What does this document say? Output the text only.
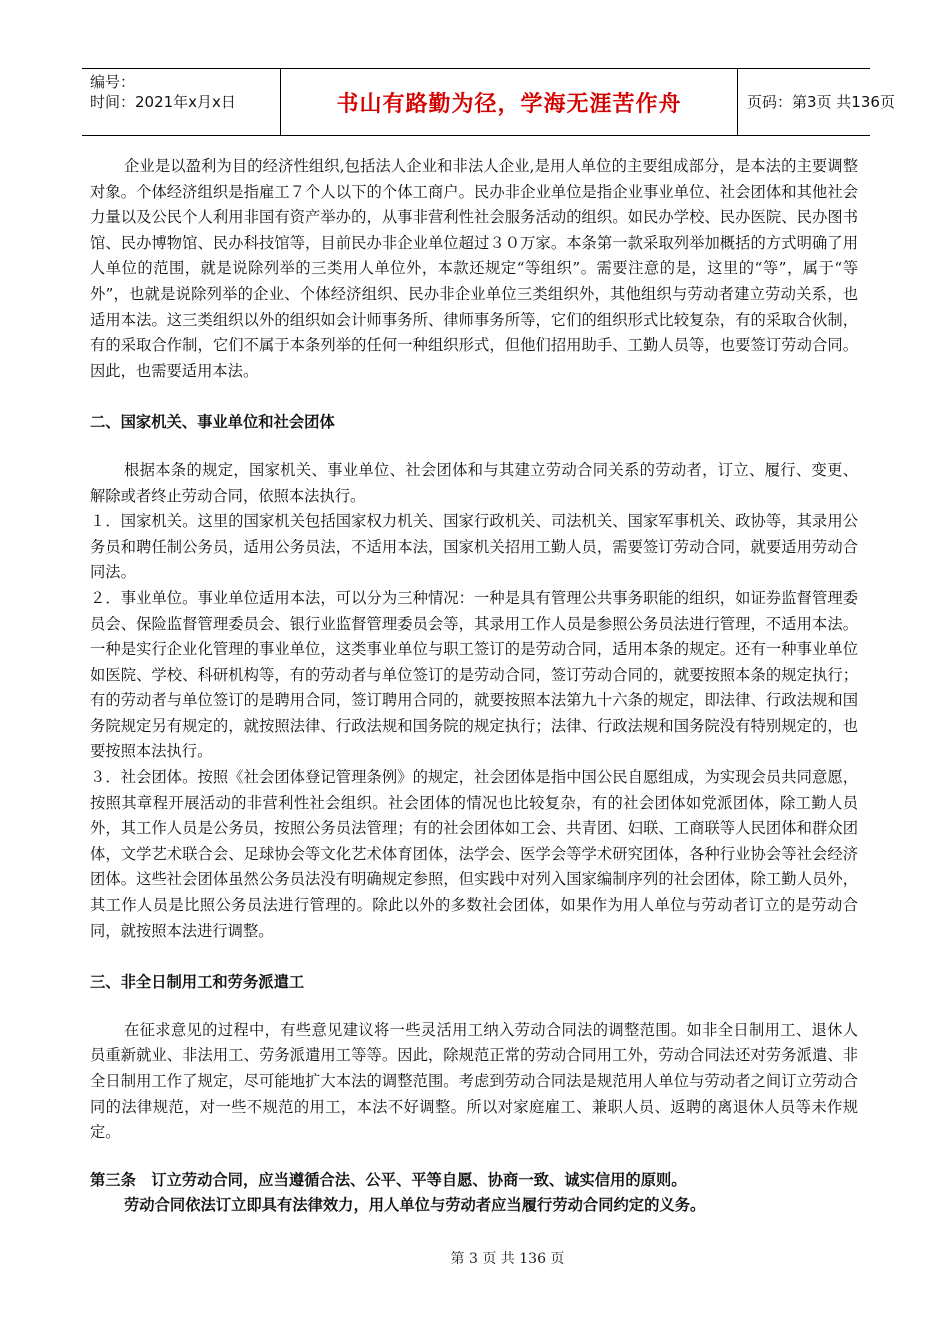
编号：
时间：2021年x月x日	书山有路勤为径，学海无涯苦作舟	页码：第3页 共136页

企业是以盈利为目的经济性组织,包括法人企业和非法人企业,是用人单位的主要组成部分，是本法的主要调整对象。个体经济组织是指雇工７个人以下的个体工商户。民办非企业单位是指企业事业单位、社会团体和其他社会力量以及公民个人利用非国有资产举办的，从事非营利性社会服务活动的组织。如民办学校、民办医院、民办图书馆、民办博物馆、民办科技馆等，目前民办非企业单位超过３０万家。本条第一款采取列举加概括的方式明确了用人单位的范围，就是说除列举的三类用人单位外，本款还规定“等组织”。需要注意的是，这里的“等”，属于“等外”，也就是说除列举的企业、个体经济组织、民办非企业单位三类组织外，其他组织与劳动者建立劳动关系，也适用本法。这三类组织以外的组织如会计师事务所、律师事务所等，它们的组织形式比较复杂，有的采取合伙制，有的采取合作制，它们不属于本条列举的任何一种组织形式，但他们招用助手、工勤人员等，也要签订劳动合同。因此，也需要适用本法。

二、国家机关、事业单位和社会团体

根据本条的规定，国家机关、事业单位、社会团体和与其建立劳动合同关系的劳动者，订立、履行、变更、解除或者终止劳动合同，依照本法执行。

１．国家机关。这里的国家机关包括国家权力机关、国家行政机关、司法机关、国家军事机关、政协等，其录用公务员和聘任制公务员，适用公务员法，不适用本法，国家机关招用工勤人员，需要签订劳动合同，就要适用劳动合同法。

２．事业单位。事业单位适用本法，可以分为三种情况：一种是具有管理公共事务职能的组织，如证券监督管理委员会、保险监督管理委员会、银行业监督管理委员会等，其录用工作人员是参照公务员法进行管理，不适用本法。一种是实行企业化管理的事业单位，这类事业单位与职工签订的是劳动合同，适用本条的规定。还有一种事业单位如医院、学校、科研机构等，有的劳动者与单位签订的是劳动合同，签订劳动合同的，就要按照本条的规定执行；有的劳动者与单位签订的是聘用合同，签订聘用合同的，就要按照本法第九十六条的规定，即法律、行政法规和国务院规定另有规定的，就按照法律、行政法规和国务院的规定执行；法律、行政法规和国务院没有特别规定的，也要按照本法执行。

３．社会团体。按照《社会团体登记管理条例》的规定，社会团体是指中国公民自愿组成，为实现会员共同意愿，按照其章程开展活动的非营利性社会组织。社会团体的情况也比较复杂，有的社会团体如党派团体，除工勤人员外，其工作人员是公务员，按照公务员法管理；有的社会团体如工会、共青团、妇联、工商联等人民团体和群众团体，文学艺术联合会、足球协会等文化艺术体育团体，法学会、医学会等学术研究团体，各种行业协会等社会经济团体。这些社会团体虽然公务员法没有明确规定参照，但实践中对列入国家编制序列的社会团体，除工勤人员外，其工作人员是比照公务员法进行管理的。除此以外的多数社会团体，如果作为用人单位与劳动者订立的是劳动合同，就按照本法进行调整。

三、非全日制用工和劳务派遣工

在征求意见的过程中，有些意见建议将一些灵活用工纳入劳动合同法的调整范围。如非全日制用工、退休人员重新就业、非法用工、劳务派遣用工等等。因此，除规范正常的劳动合同用工外，劳动合同法还对劳务派遣、非全日制用工作了规定，尽可能地扩大本法的调整范围。考虑到劳动合同法是规范用人单位与劳动者之间订立劳动合同的法律规范，对一些不规范的用工，本法不好调整。所以对家庭雇工、兼职人员、返聘的离退休人员等未作规定。

第三条　订立劳动合同，应当遵循合法、公平、平等自愿、协商一致、诚实信用的原则。

劳动合同依法订立即具有法律效力，用人单位与劳动者应当履行劳动合同约定的义务。

第 3 页 共 136 页
